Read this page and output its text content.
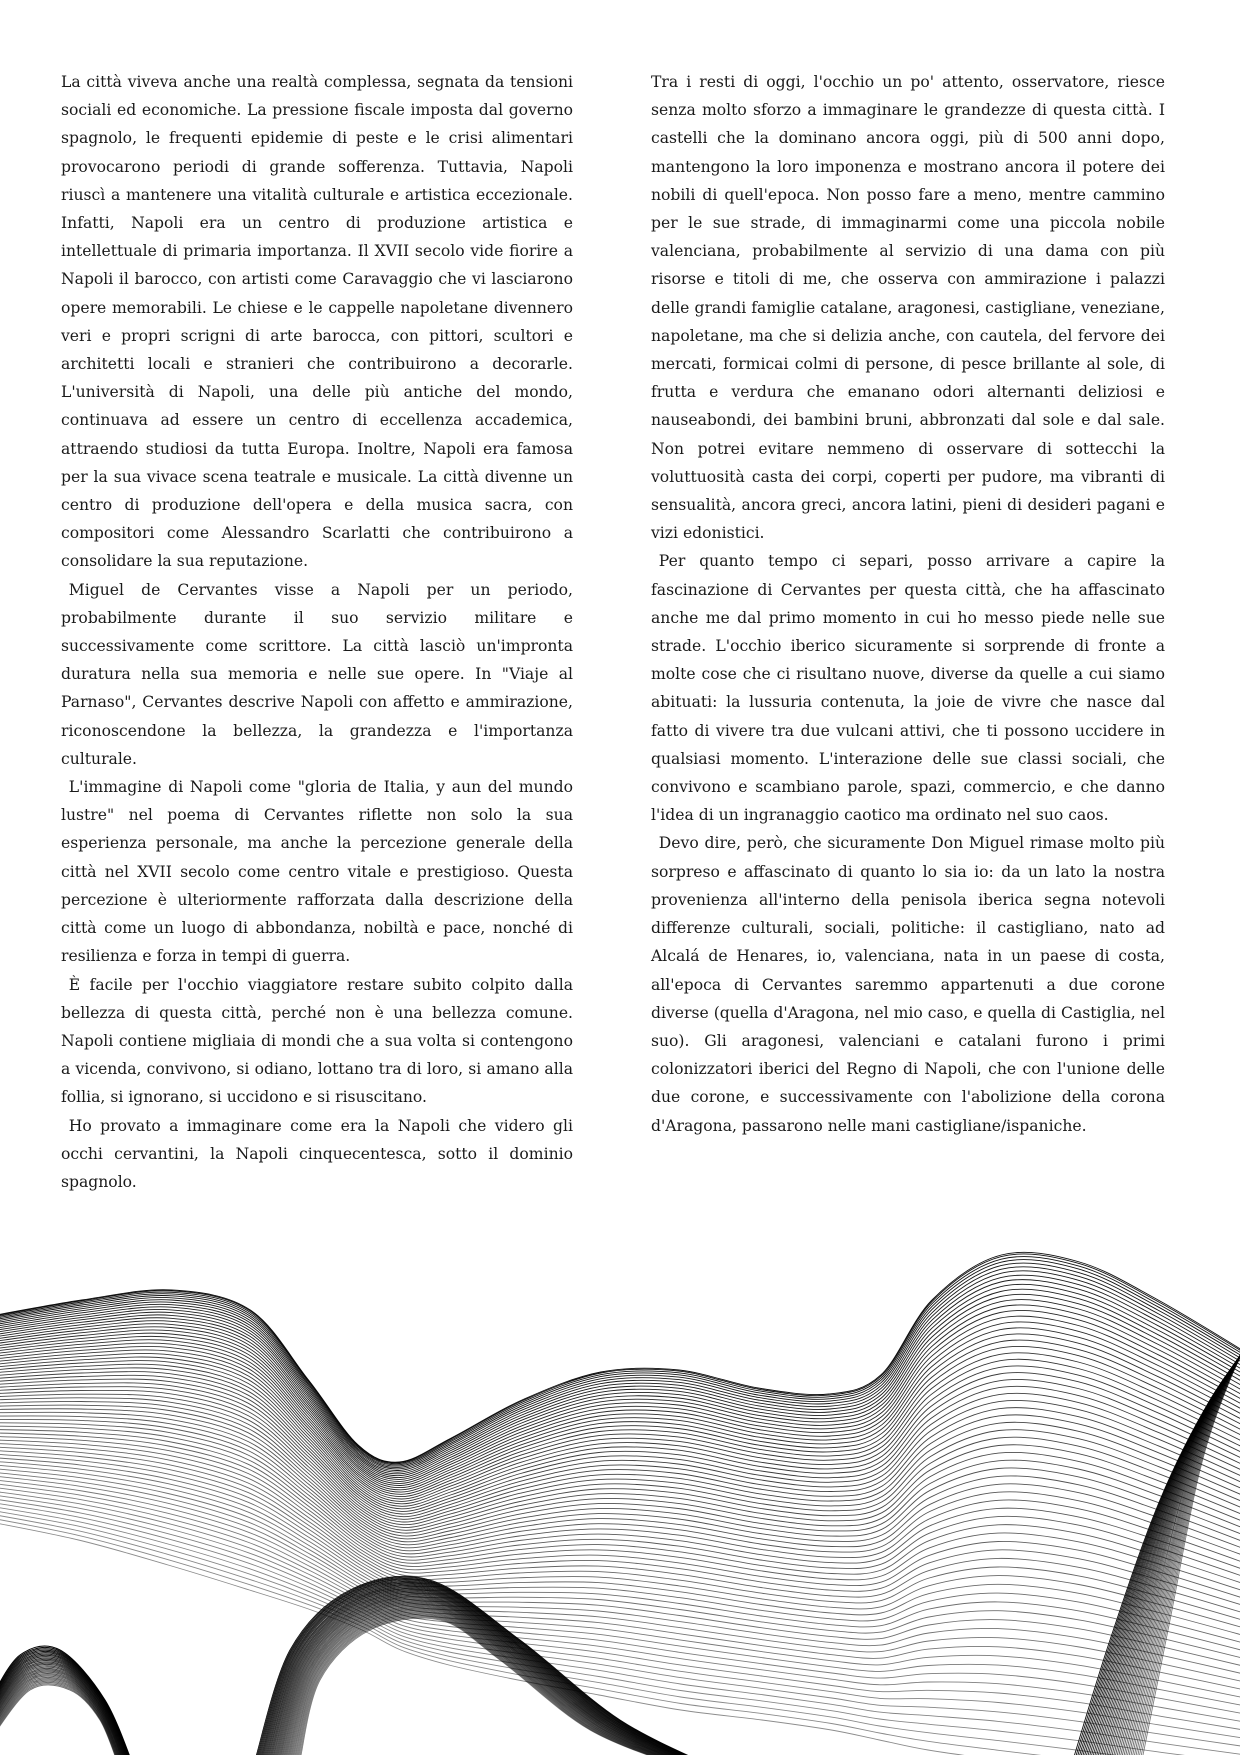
La città viveva anche una realtà complessa, segnata da tensioni sociali ed economiche. La pressione fiscale imposta dal governo spagnolo, le frequenti epidemie di peste e le crisi alimentari provocarono periodi di grande sofferenza. Tuttavia, Napoli riuscì a mantenere una vitalità culturale e artistica eccezionale. Infatti, Napoli era un centro di produzione artistica e intellettuale di primaria importanza. Il XVII secolo vide fiorire a Napoli il barocco, con artisti come Caravaggio che vi lasciarono opere memorabili. Le chiese e le cappelle napoletane divennero veri e propri scrigni di arte barocca, con pittori, scultori e architetti locali e stranieri che contribuirono a decorarle. L'università di Napoli, una delle più antiche del mondo, continuava ad essere un centro di eccellenza accademica, attraendo studiosi da tutta Europa. Inoltre, Napoli era famosa per la sua vivace scena teatrale e musicale. La città divenne un centro di produzione dell'opera e della musica sacra, con compositori come Alessandro Scarlatti che contribuirono a consolidare la sua reputazione.

Miguel de Cervantes visse a Napoli per un periodo, probabilmente durante il suo servizio militare e successivamente come scrittore. La città lasciò un'impronta duratura nella sua memoria e nelle sue opere. In "Viaje al Parnaso", Cervantes descrive Napoli con affetto e ammirazione, riconoscendone la bellezza, la grandezza e l'importanza culturale.

L'immagine di Napoli come "gloria de Italia, y aun del mundo lustre" nel poema di Cervantes riflette non solo la sua esperienza personale, ma anche la percezione generale della città nel XVII secolo come centro vitale e prestigioso. Questa percezione è ulteriormente rafforzata dalla descrizione della città come un luogo di abbondanza, nobiltà e pace, nonché di resilienza e forza in tempi di guerra.

È facile per l'occhio viaggiatore restare subito colpito dalla bellezza di questa città, perché non è una bellezza comune. Napoli contiene migliaia di mondi che a sua volta si contengono a vicenda, convivono, si odiano, lottano tra di loro, si amano alla follia, si ignorano, si uccidono e si risuscitano.

Ho provato a immaginare come era la Napoli che videro gli occhi cervantini, la Napoli cinquecentesca, sotto il dominio spagnolo.

Tra i resti di oggi, l'occhio un po' attento, osservatore, riesce senza molto sforzo a immaginare le grandezze di questa città. I castelli che la dominano ancora oggi, più di 500 anni dopo, mantengono la loro imponenza e mostrano ancora il potere dei nobili di quell'epoca. Non posso fare a meno, mentre cammino per le sue strade, di immaginarmi come una piccola nobile valenciana, probabilmente al servizio di una dama con più risorse e titoli di me, che osserva con ammirazione i palazzi delle grandi famiglie catalane, aragonesi, castigliane, veneziane, napoletane, ma che si delizia anche, con cautela, del fervore dei mercati, formicai colmi di persone, di pesce brillante al sole, di frutta e verdura che emanano odori alternanti deliziosi e nauseabondi, dei bambini bruni, abbronzati dal sole e dal sale. Non potrei evitare nemmeno di osservare di sottecchi la voluttuosità casta dei corpi, coperti per pudore, ma vibranti di sensualità, ancora greci, ancora latini, pieni di desideri pagani e vizi edonistici.

Per quanto tempo ci separi, posso arrivare a capire la fascinazione di Cervantes per questa città, che ha affascinato anche me dal primo momento in cui ho messo piede nelle sue strade. L'occhio iberico sicuramente si sorprende di fronte a molte cose che ci risultano nuove, diverse da quelle a cui siamo abituati: la lussuria contenuta, la joie de vivre che nasce dal fatto di vivere tra due vulcani attivi, che ti possono uccidere in qualsiasi momento. L'interazione delle sue classi sociali, che convivono e scambiano parole, spazi, commercio, e che danno l'idea di un ingranaggio caotico ma ordinato nel suo caos.

Devo dire, però, che sicuramente Don Miguel rimase molto più sorpreso e affascinato di quanto lo sia io: da un lato la nostra provenienza all'interno della penisola iberica segna notevoli differenze culturali, sociali, politiche: il castigliano, nato ad Alcalá de Henares, io, valenciana, nata in un paese di costa, all'epoca di Cervantes saremmo appartenuti a due corone diverse (quella d'Aragona, nel mio caso, e quella di Castiglia, nel suo). Gli aragonesi, valenciani e catalani furono i primi colonizzatori iberici del Regno di Napoli, che con l'unione delle due corone, e successivamente con l'abolizione della corona d'Aragona, passarono nelle mani castigliane/ispaniche.
